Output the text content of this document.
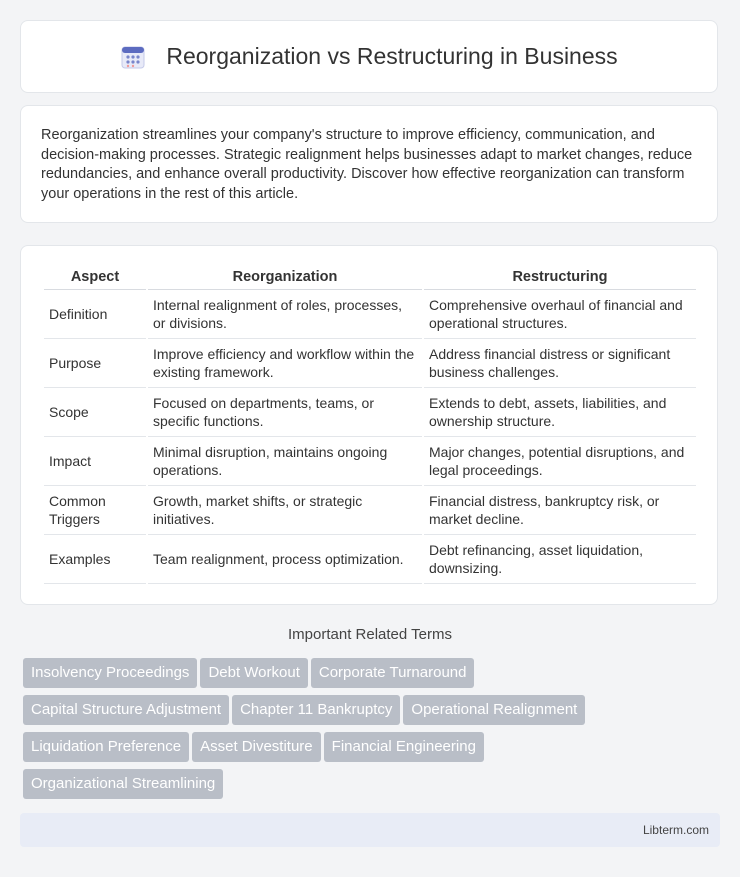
Reorganization vs Restructuring in Business

Reorganization streamlines your company's structure to improve efficiency, communication, and decision-making processes. Strategic realignment helps businesses adapt to market changes, reduce redundancies, and enhance overall productivity. Discover how effective reorganization can transform your operations in the rest of this article.

Aspect	Reorganization	Restructuring
Definition	Internal realignment of roles, processes, or divisions.	Comprehensive overhaul of financial and operational structures.
Purpose	Improve efficiency and workflow within the existing framework.	Address financial distress or significant business challenges.
Scope	Focused on departments, teams, or specific functions.	Extends to debt, assets, liabilities, and ownership structure.
Impact	Minimal disruption, maintains ongoing operations.	Major changes, potential disruptions, and legal proceedings.
Common Triggers	Growth, market shifts, or strategic initiatives.	Financial distress, bankruptcy risk, or market decline.
Examples	Team realignment, process optimization.	Debt refinancing, asset liquidation, downsizing.
Important Related Terms
Insolvency Proceedings Debt Workout Corporate Turnaround
Capital Structure Adjustment Chapter 11 Bankruptcy Operational Realignment
Liquidation Preference Asset Divestiture Financial Engineering
Organizational Streamlining
Libterm.com
